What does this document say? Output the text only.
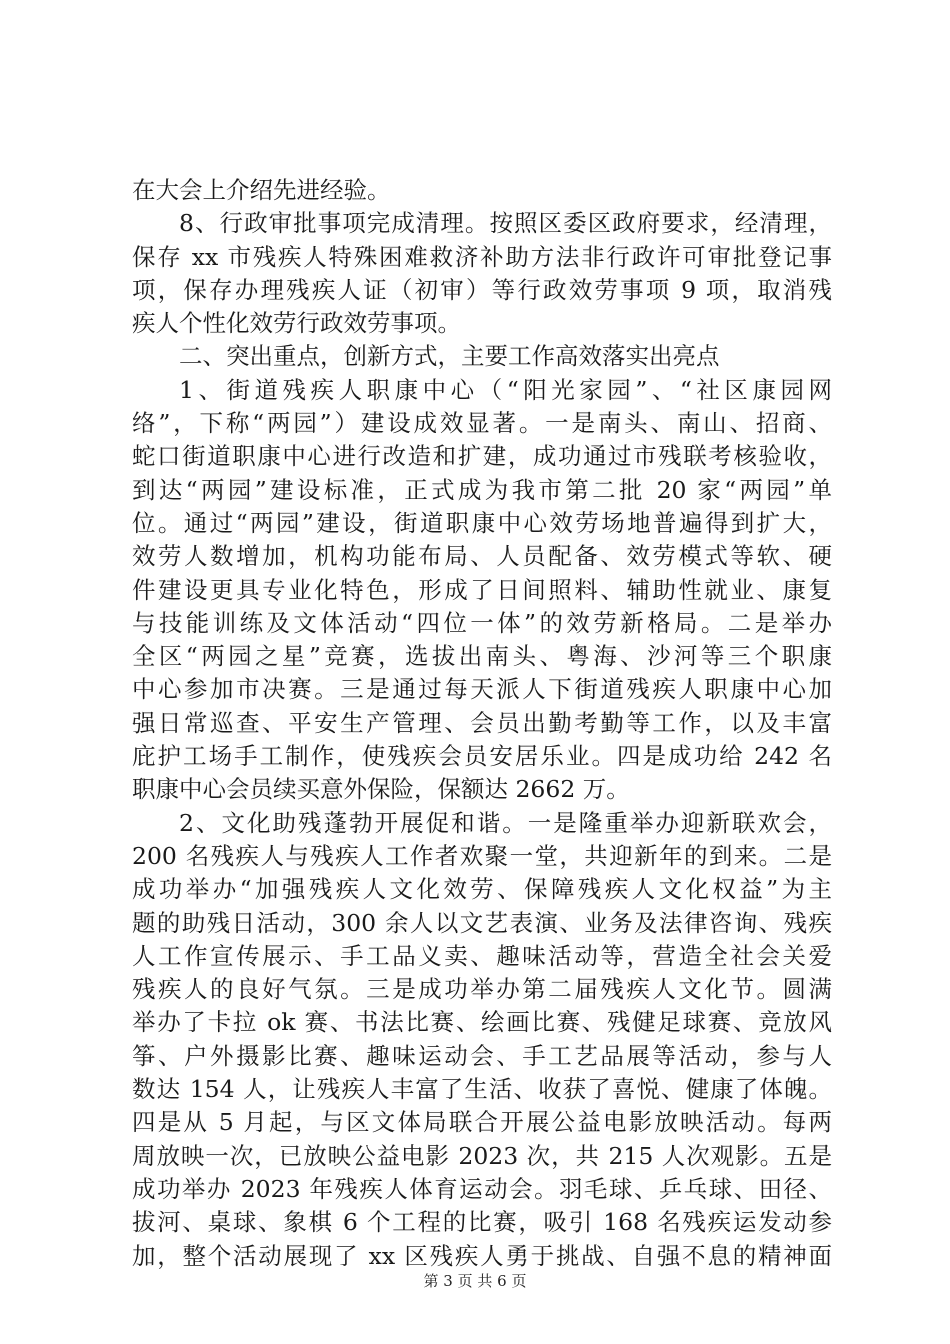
在大会上介绍先进经验。
8、行政审批事项完成清理。按照区委区政府要求，经清理，
保存 xx 市残疾人特殊困难救济补助方法非行政许可审批登记事
项，保存办理残疾人证（初审）等行政效劳事项 9 项，取消残
疾人个性化效劳行政效劳事项。
二、突出重点，创新方式，主要工作高效落实出亮点
1、街道残疾人职康中心（“阳光家园”、“社区康园网
络”，下称“两园”）建设成效显著。一是南头、南山、招商、
蛇口街道职康中心进行改造和扩建，成功通过市残联考核验收，
到达“两园”建设标准，正式成为我市第二批 20 家“两园”单
位。通过“两园”建设，街道职康中心效劳场地普遍得到扩大，
效劳人数增加，机构功能布局、人员配备、效劳模式等软、硬
件建设更具专业化特色，形成了日间照料、辅助性就业、康复
与技能训练及文体活动“四位一体”的效劳新格局。二是举办
全区“两园之星”竞赛，选拔出南头、粤海、沙河等三个职康
中心参加市决赛。三是通过每天派人下街道残疾人职康中心加
强日常巡查、平安生产管理、会员出勤考勤等工作，以及丰富
庇护工场手工制作，使残疾会员安居乐业。四是成功给 242 名
职康中心会员续买意外保险，保额达 2662 万。
2、文化助残蓬勃开展促和谐。一是隆重举办迎新联欢会，
200 名残疾人与残疾人工作者欢聚一堂，共迎新年的到来。二是
成功举办“加强残疾人文化效劳、保障残疾人文化权益”为主
题的助残日活动，300 余人以文艺表演、业务及法律咨询、残疾
人工作宣传展示、手工品义卖、趣味活动等，营造全社会关爱
残疾人的良好气氛。三是成功举办第二届残疾人文化节。圆满
举办了卡拉 ok 赛、书法比赛、绘画比赛、残健足球赛、竞放风
筝、户外摄影比赛、趣味运动会、手工艺品展等活动，参与人
数达 154 人，让残疾人丰富了生活、收获了喜悦、健康了体魄。
四是从 5 月起，与区文体局联合开展公益电影放映活动。每两
周放映一次，已放映公益电影 2023 次，共 215 人次观影。五是
成功举办 2023 年残疾人体育运动会。羽毛球、乒乓球、田径、
拔河、桌球、象棋 6 个工程的比赛，吸引 168 名残疾运发动参
加，整个活动展现了 xx 区残疾人勇于挑战、自强不息的精神面
第 3 页 共 6 页
